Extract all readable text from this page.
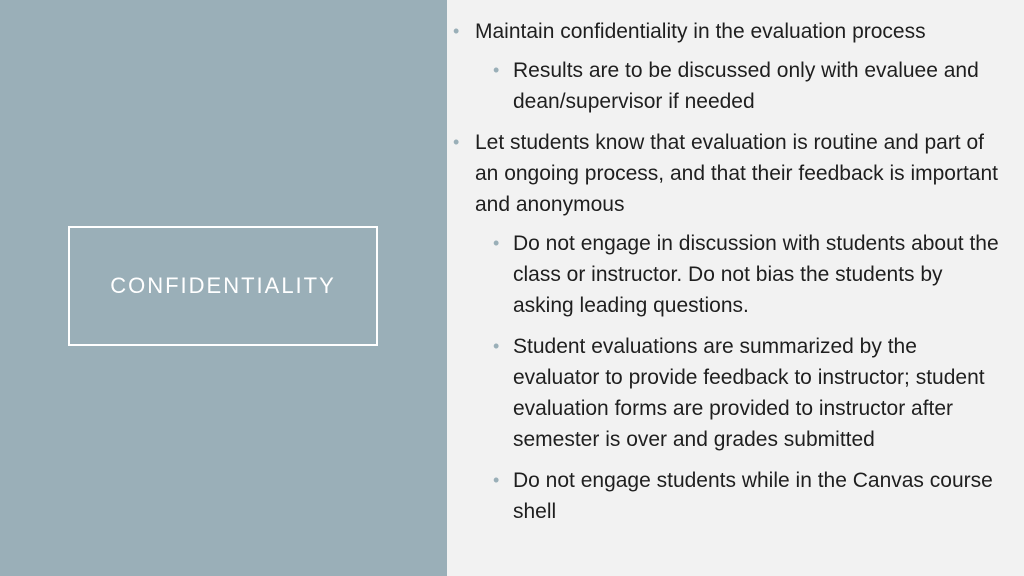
CONFIDENTIALITY
• Maintain confidentiality in the evaluation process
• Results are to be discussed only with evaluee and dean/supervisor if needed
• Let students know that evaluation is routine and part of an ongoing process, and that their feedback is important and anonymous
• Do not engage in discussion with students about the class or instructor. Do not bias the students by asking leading questions.
• Student evaluations are summarized by the evaluator to provide feedback to instructor; student evaluation forms are provided to instructor after semester is over and grades submitted
• Do not engage students while in the Canvas course shell
